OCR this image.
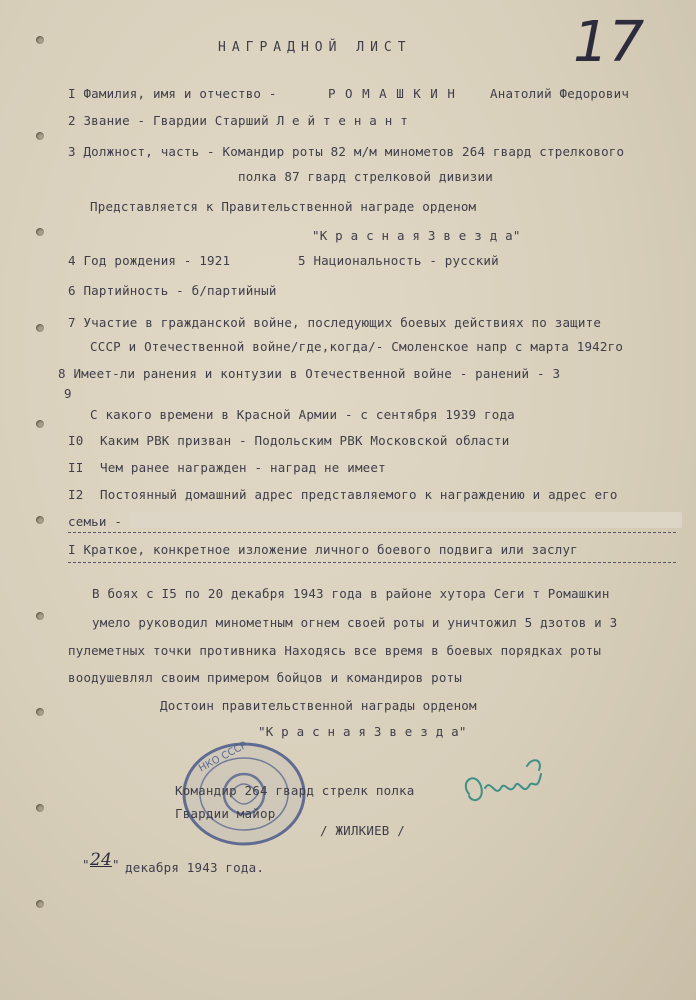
17
НАГРАДНОЙ ЛИСТ
I Фамилия, имя и отчество -	Р О М А Ш К И Н	Анатолий Федорович
2 Звание - Гвардии Старший Л е й т е н а н т
3 Должност, часть - Командир роты 82 м/м минометов 264 гвард стрелкового
полка 87 гвард стрелковой дивизии
Представляется к Правительственной награде орденом
"К р а с н а я З в е з д а"
4 Год рождения - 1921	5 Национальность - русский
6 Партийность - б/партийный
7 Участие в гражданской войне, последующих боевых действиях по защите
СССР и Отечественной войне/где,когда/- Смоленское напр с марта 1942го
8 Имеет-ли ранения и контузии в Отечественной войне - ранений - 3
9
С какого времени в Красной Армии - с сентября 1939 года
I0 Каким РВК призван - Подольским РВК Московской области
II Чем ранее награжден - наград не имеет
I2 Постоянный домашний адрес представляемого к награждению и адрес его
семьи -
I Краткое, конкретное изложение личного боевого подвига или заслуг
В боях с I5 по 20 декабря 1943 года в районе хутора Сеги т Ромашкин
умело руководил минометным огнем своей роты и уничтожил 5 дзотов и 3
пулеметных точки противника Находясь все время в боевых порядках роты
воодушевлял своим примером бойцов и командиров роты
Достоин правительственной награды орденом
"К р а с н а я З в е з д а"
НКО СССР
Командир 264 гвард стрелк полка
Гвардии майор
/ ЖИЛКИЕВ /
" 24 " декабря 1943 года.
